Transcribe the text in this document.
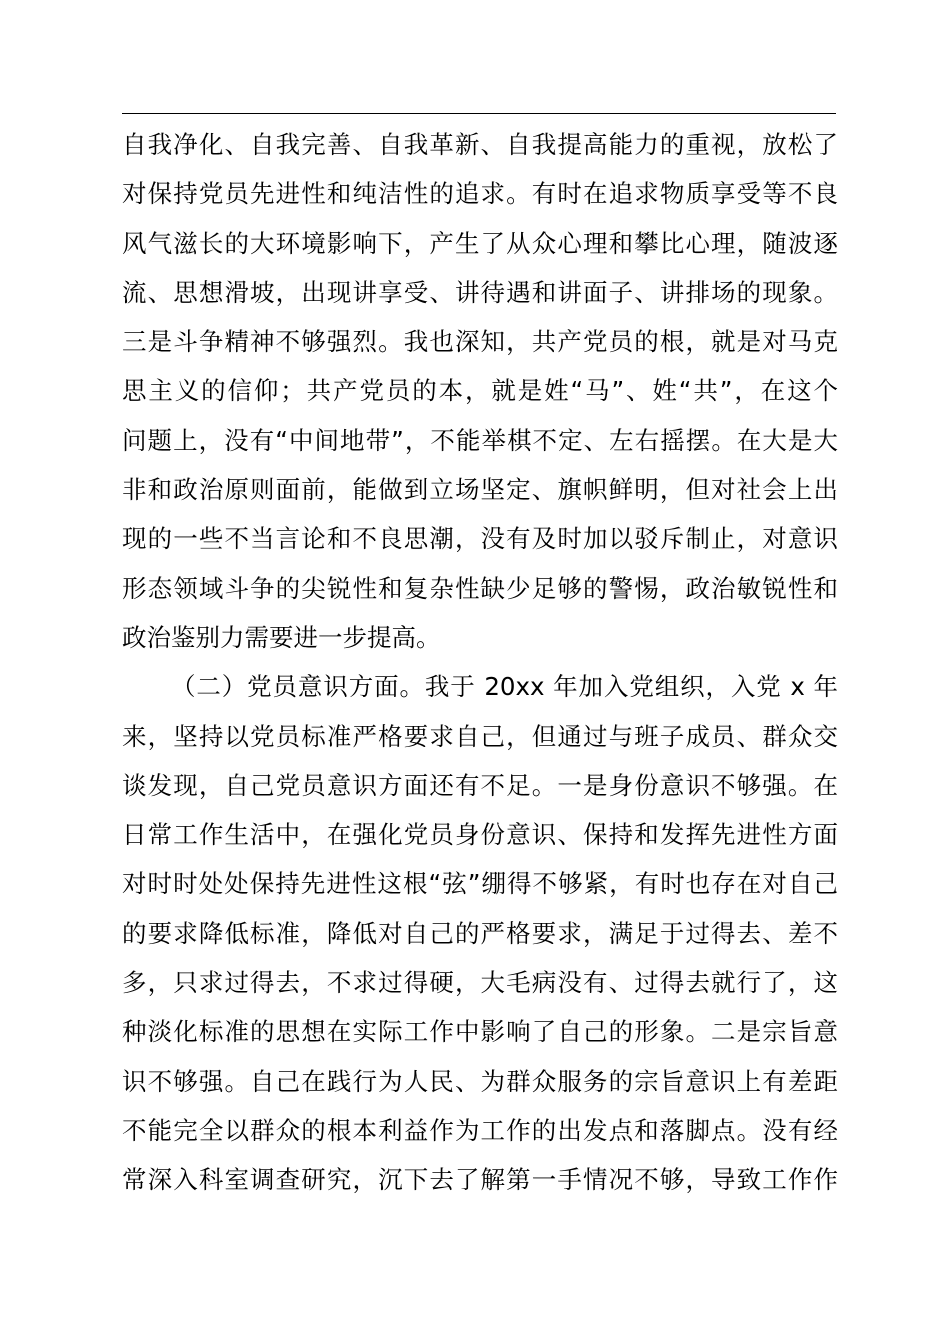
自我净化、自我完善、自我革新、自我提高能力的重视，放松了
对保持党员先进性和纯洁性的追求。有时在追求物质享受等不良
风气滋长的大环境影响下，产生了从众心理和攀比心理，随波逐
流、思想滑坡，出现讲享受、讲待遇和讲面子、讲排场的现象。
三是斗争精神不够强烈。我也深知，共产党员的根，就是对马克
思主义的信仰；共产党员的本，就是姓“马”、姓“共”，在这个
问题上，没有“中间地带”，不能举棋不定、左右摇摆。在大是大
非和政治原则面前，能做到立场坚定、旗帜鲜明，但对社会上出
现的一些不当言论和不良思潮，没有及时加以驳斥制止，对意识
形态领域斗争的尖锐性和复杂性缺少足够的警惕，政治敏锐性和
政治鉴别力需要进一步提高。
（二）党员意识方面。我于 20xx 年加入党组织，入党 x 年
来，坚持以党员标准严格要求自己，但通过与班子成员、群众交
谈发现，自己党员意识方面还有不足。一是身份意识不够强。在
日常工作生活中，在强化党员身份意识、保持和发挥先进性方面
对时时处处保持先进性这根“弦”绷得不够紧，有时也存在对自己
的要求降低标准，降低对自己的严格要求，满足于过得去、差不
多，只求过得去，不求过得硬，大毛病没有、过得去就行了，这
种淡化标准的思想在实际工作中影响了自己的形象。二是宗旨意
识不够强。自己在践行为人民、为群众服务的宗旨意识上有差距
不能完全以群众的根本利益作为工作的出发点和落脚点。没有经
常深入科室调查研究，沉下去了解第一手情况不够，导致工作作
